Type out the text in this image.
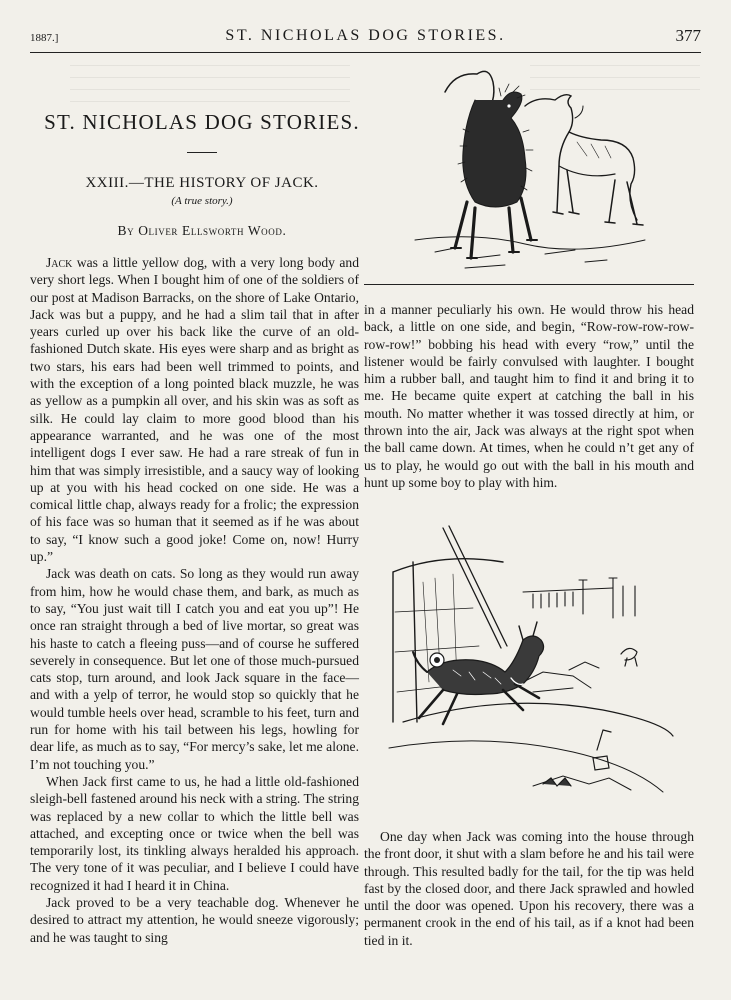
1887.]	ST. NICHOLAS DOG STORIES.	377
ST. NICHOLAS DOG STORIES.
XXIII.—THE HISTORY OF JACK.
(A true story.)
By Oliver Ellsworth Wood.

Jack was a little yellow dog, with a very long body and very short legs. When I bought him of one of the soldiers of our post at Madison Barracks, on the shore of Lake Ontario, Jack was but a puppy, and he had a slim tail that in after years curled up over his back like the curve of an old-fashioned Dutch skate. His eyes were sharp and as bright as two stars, his ears had been well trimmed to points, and with the exception of a long pointed black muzzle, he was as yellow as a pumpkin all over, and his skin was as soft as silk. He could lay claim to more good blood than his appearance warranted, and he was one of the most intelligent dogs I ever saw. He had a rare streak of fun in him that was simply irresistible, and a saucy way of looking up at you with his head cocked on one side. He was a comical little chap, always ready for a frolic; the expression of his face was so human that it seemed as if he was about to say, “I know such a good joke! Come on, now! Hurry up.”

Jack was death on cats. So long as they would run away from him, how he would chase them, and bark, as much as to say, “You just wait till I catch you and eat you up”! He once ran straight through a bed of live mortar, so great was his haste to catch a fleeing puss—and of course he suffered severely in consequence. But let one of those much-pursued cats stop, turn around, and look Jack square in the face—and with a yelp of terror, he would stop so quickly that he would tumble heels over head, scramble to his feet, turn and run for home with his tail between his legs, howling for dear life, as much as to say, “For mercy’s sake, let me alone. I’m not touching you.”

When Jack first came to us, he had a little old-fashioned sleigh-bell fastened around his neck with a string. The string was replaced by a new collar to which the little bell was attached, and excepting once or twice when the bell was temporarily lost, its tinkling always heralded his approach. The very tone of it was peculiar, and I believe I could have recognized it had I heard it in China.

Jack proved to be a very teachable dog. Whenever he desired to attract my attention, he would sneeze vigorously; and he was taught to sing

in a manner peculiarly his own. He would throw his head back, a little on one side, and begin, “Row-row-row-row-row-row!” bobbing his head with every “row,” until the listener would be fairly convulsed with laughter. I bought him a rubber ball, and taught him to find it and bring it to me. He became quite expert at catching the ball in his mouth. No matter whether it was tossed directly at him, or thrown into the air, Jack was always at the right spot when the ball came down. At times, when he could n’t get any of us to play, he would go out with the ball in his mouth and hunt up some boy to play with him.

One day when Jack was coming into the house through the front door, it shut with a slam before he and his tail were through. This resulted badly for the tail, for the tip was held fast by the closed door, and there Jack sprawled and howled until the door was opened. Upon his recovery, there was a permanent crook in the end of his tail, as if a knot had been tied in it.
